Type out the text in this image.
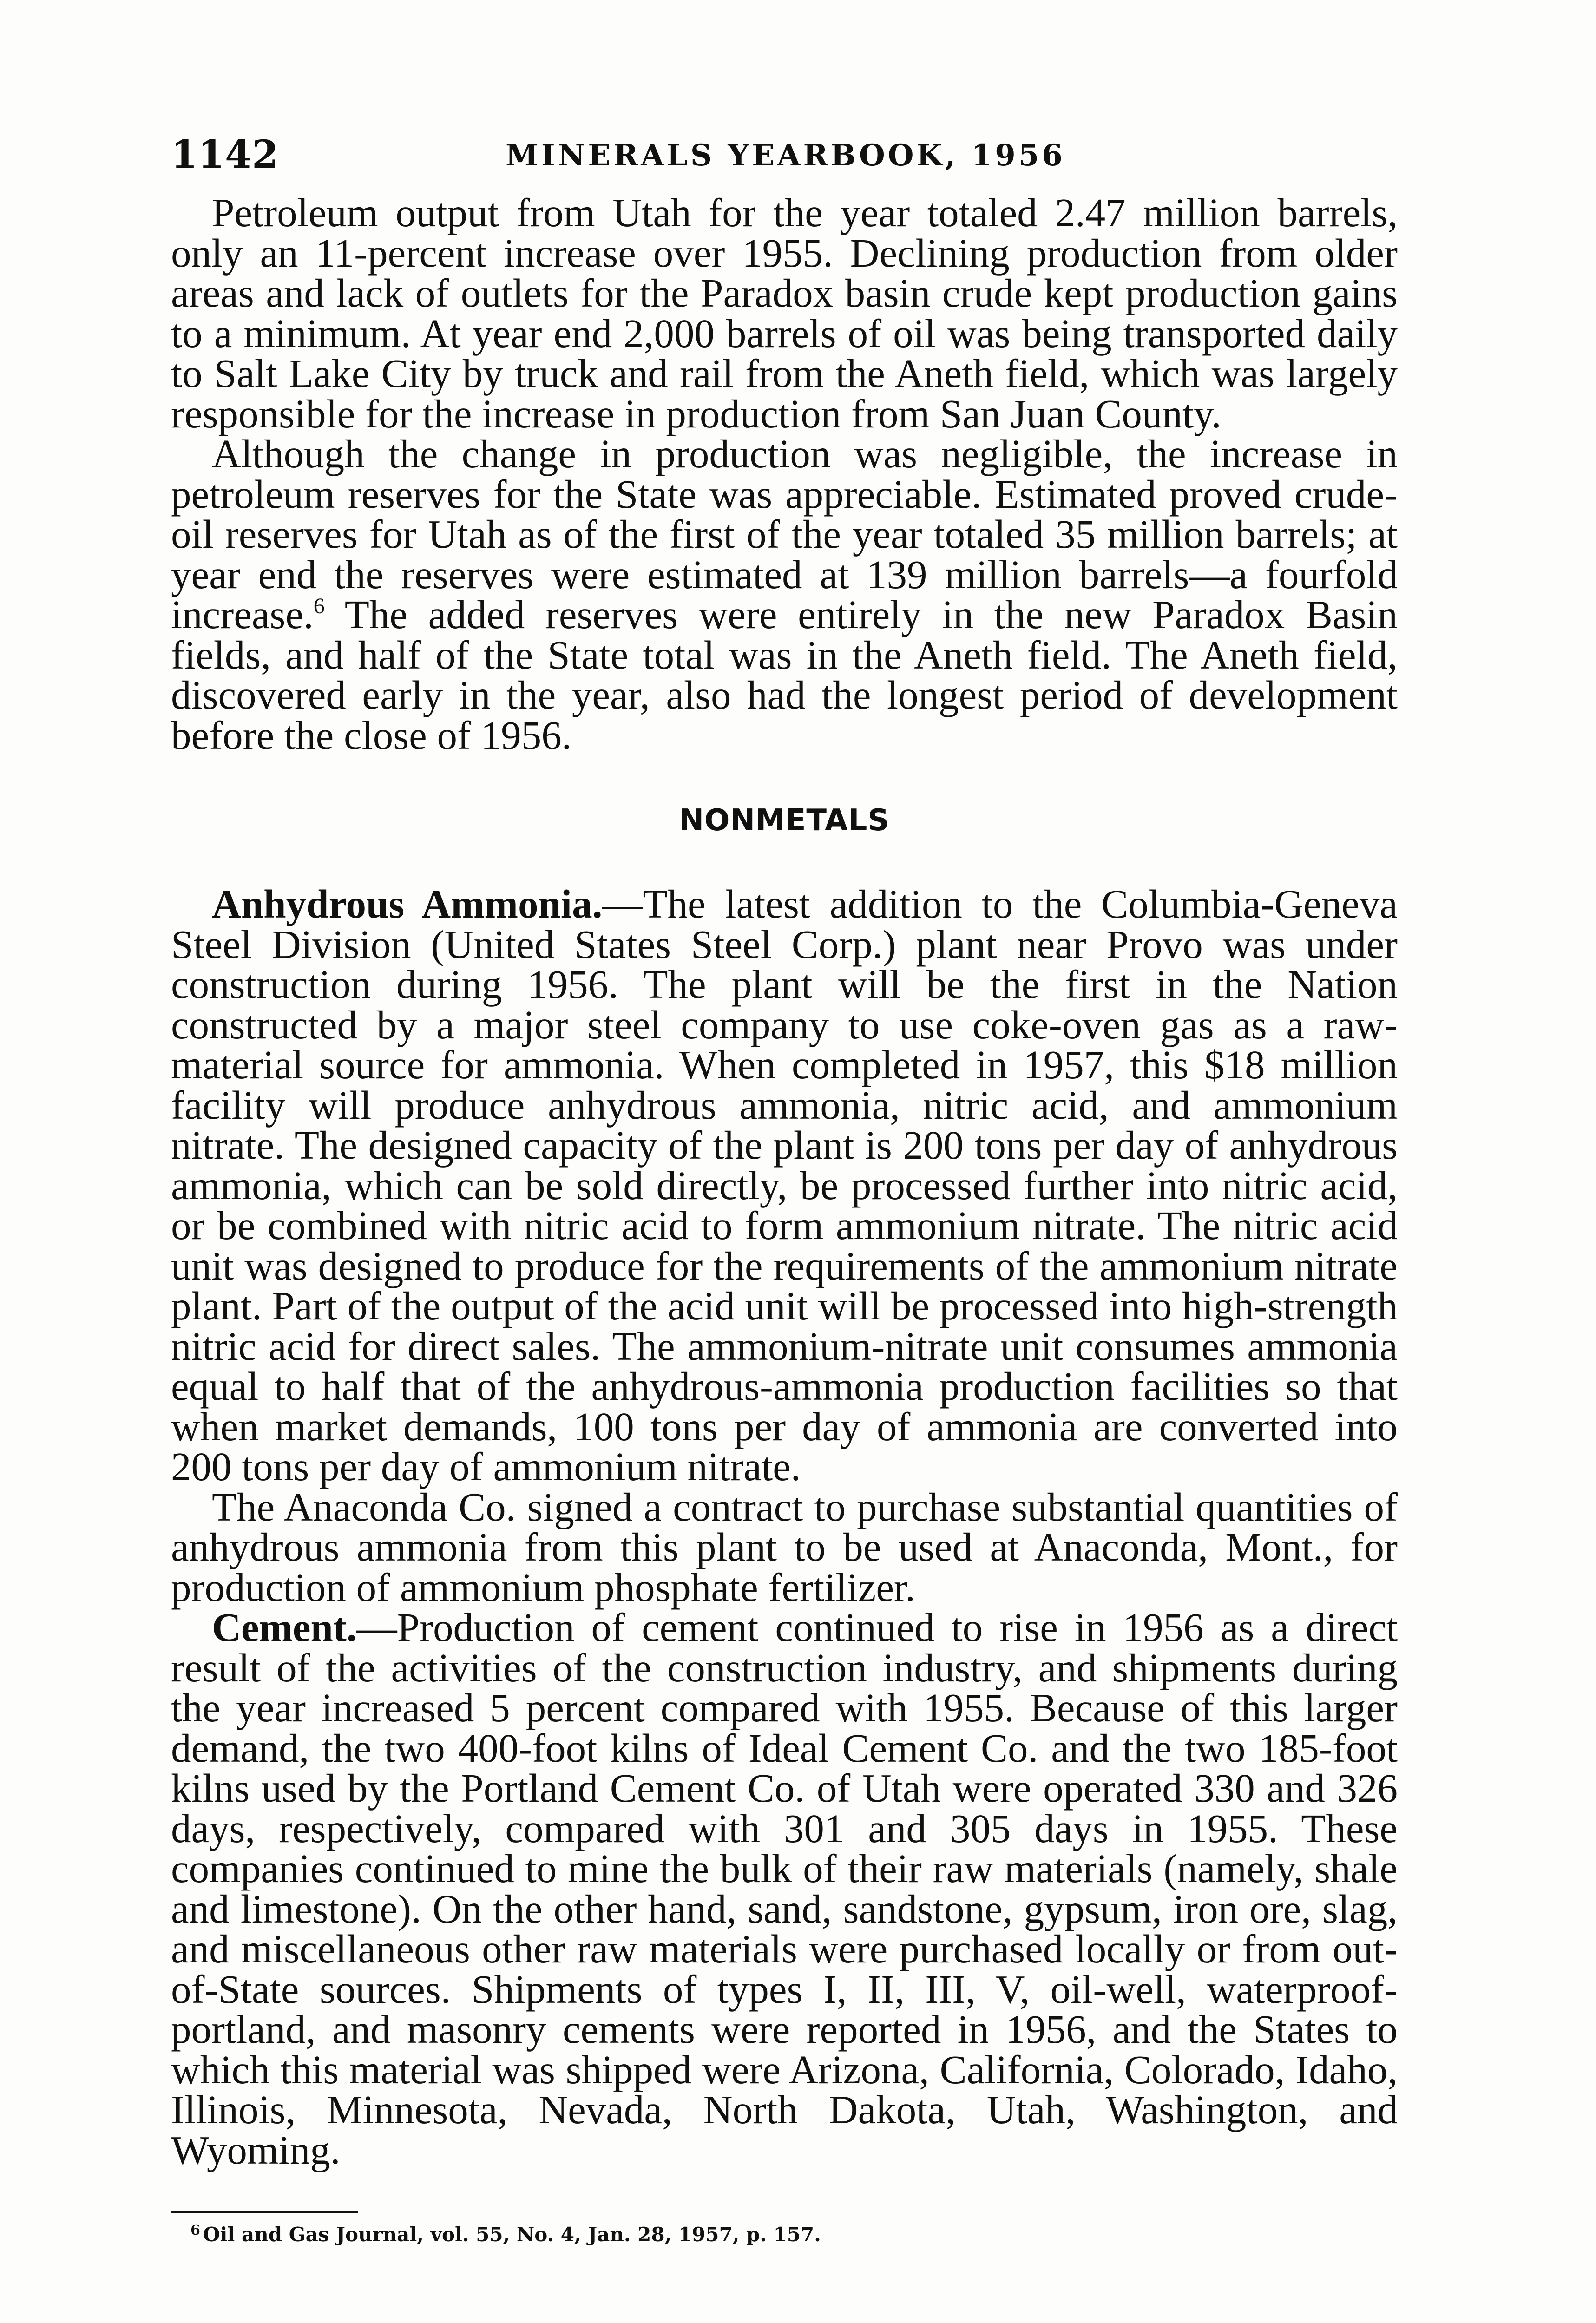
1142	MINERALS YEARBOOK, 1956

Petroleum output from Utah for the year totaled 2.47 million barrels, only an 11-percent increase over 1955. Declining production from older areas and lack of outlets for the Paradox basin crude kept production gains to a minimum. At year end 2,000 barrels of oil was being transported daily to Salt Lake City by truck and rail from the Aneth field, which was largely responsible for the increase in production from San Juan County.

Although the change in production was negligible, the increase in petroleum reserves for the State was appreciable. Estimated proved crude-oil reserves for Utah as of the first of the year totaled 35 million barrels; at year end the reserves were estimated at 139 million barrels—a fourfold increase.$^6$ The added reserves were entirely in the new Paradox Basin fields, and half of the State total was in the Aneth field. The Aneth field, discovered early in the year, also had the longest period of development before the close of 1956.

NONMETALS

Anhydrous Ammonia.—The latest addition to the Columbia-Geneva Steel Division (United States Steel Corp.) plant near Provo was under construction during 1956. The plant will be the first in the Nation constructed by a major steel company to use coke-oven gas as a raw-material source for ammonia. When completed in 1957, this $18 million facility will produce anhydrous ammonia, nitric acid, and ammonium nitrate. The designed capacity of the plant is 200 tons per day of anhydrous ammonia, which can be sold directly, be processed further into nitric acid, or be combined with nitric acid to form ammonium nitrate. The nitric acid unit was designed to produce for the requirements of the ammonium nitrate plant. Part of the output of the acid unit will be processed into high-strength nitric acid for direct sales. The ammonium-nitrate unit consumes ammonia equal to half that of the anhydrous-ammonia production facilities so that when market demands, 100 tons per day of ammonia are converted into 200 tons per day of ammonium nitrate.

The Anaconda Co. signed a contract to purchase substantial quantities of anhydrous ammonia from this plant to be used at Anaconda, Mont., for production of ammonium phosphate fertilizer.

Cement.—Production of cement continued to rise in 1956 as a direct result of the activities of the construction industry, and shipments during the year increased 5 percent compared with 1955. Because of this larger demand, the two 400-foot kilns of Ideal Cement Co. and the two 185-foot kilns used by the Portland Cement Co. of Utah were operated 330 and 326 days, respectively, compared with 301 and 305 days in 1955. These companies continued to mine the bulk of their raw materials (namely, shale and limestone). On the other hand, sand, sandstone, gypsum, iron ore, slag, and miscellaneous other raw materials were purchased locally or from out-of-State sources. Shipments of types I, II, III, V, oil-well, waterproof-portland, and masonry cements were reported in 1956, and the States to which this material was shipped were Arizona, California, Colorado, Idaho, Illinois, Minnesota, Nevada, North Dakota, Utah, Washington, and Wyoming.

$^6$ Oil and Gas Journal, vol. 55, No. 4, Jan. 28, 1957, p. 157.
